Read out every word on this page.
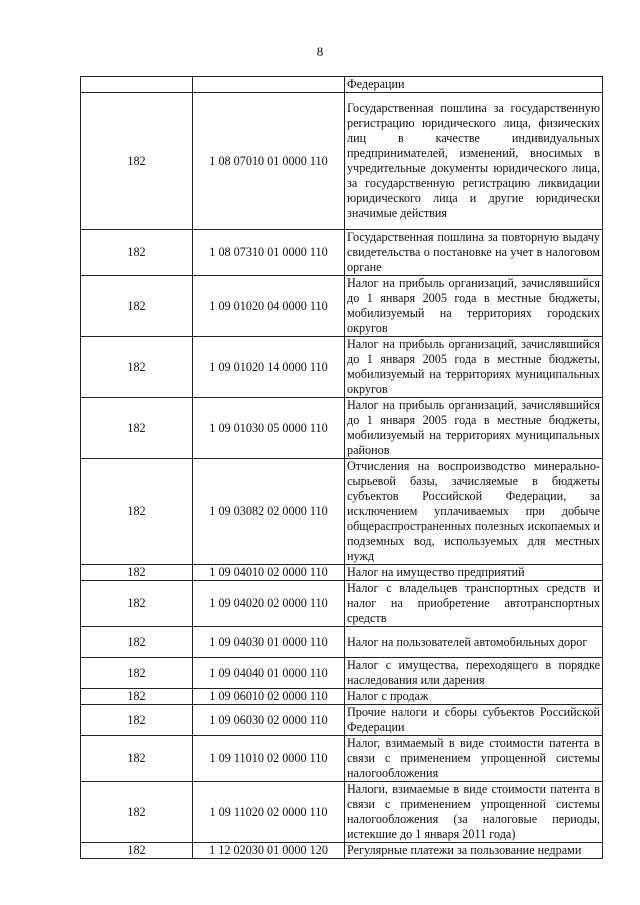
8
		Федерации
182	1 08 07010 01 0000 110	Государственная пошлина за государственную регистрацию юридического лица, физических лиц в качестве индивидуальных предпринимателей, изменений, вносимых в учредительные документы юридического лица, за государственную регистрацию ликвидации юридического лица и другие юридически значимые действия
182	1 08 07310 01 0000 110	Государственная пошлина за повторную выдачу свидетельства о постановке на учет в налоговом органе
182	1 09 01020 04 0000 110	Налог на прибыль организаций, зачислявшийся до 1 января 2005 года в местные бюджеты, мобилизуемый на территориях городских округов
182	1 09 01020 14 0000 110	Налог на прибыль организаций, зачислявшийся до 1 января 2005 года в местные бюджеты, мобилизуемый на территориях муниципальных округов
182	1 09 01030 05 0000 110	Налог на прибыль организаций, зачислявшийся до 1 января 2005 года в местные бюджеты, мобилизуемый на территориях муниципальных районов
182	1 09 03082 02 0000 110	Отчисления на воспроизводство минерально-сырьевой базы, зачисляемые в бюджеты субъектов Российской Федерации, за исключением уплачиваемых при добыче общераспространенных полезных ископаемых и подземных вод, используемых для местных нужд
182	1 09 04010 02 0000 110	Налог на имущество предприятий
182	1 09 04020 02 0000 110	Налог с владельцев транспортных средств и налог на приобретение автотранспортных средств
182	1 09 04030 01 0000 110	Налог на пользователей автомобильных дорог
182	1 09 04040 01 0000 110	Налог с имущества, переходящего в порядке наследования или дарения
182	1 09 06010 02 0000 110	Налог с продаж
182	1 09 06030 02 0000 110	Прочие налоги и сборы субъектов Российской Федерации
182	1 09 11010 02 0000 110	Налог, взимаемый в виде стоимости патента в связи с применением упрощенной системы налогообложения
182	1 09 11020 02 0000 110	Налоги, взимаемые в виде стоимости патента в связи с применением упрощенной системы налогообложения (за налоговые периоды, истекшие до 1 января 2011 года)
182	1 12 02030 01 0000 120	Регулярные платежи за пользование недрами
